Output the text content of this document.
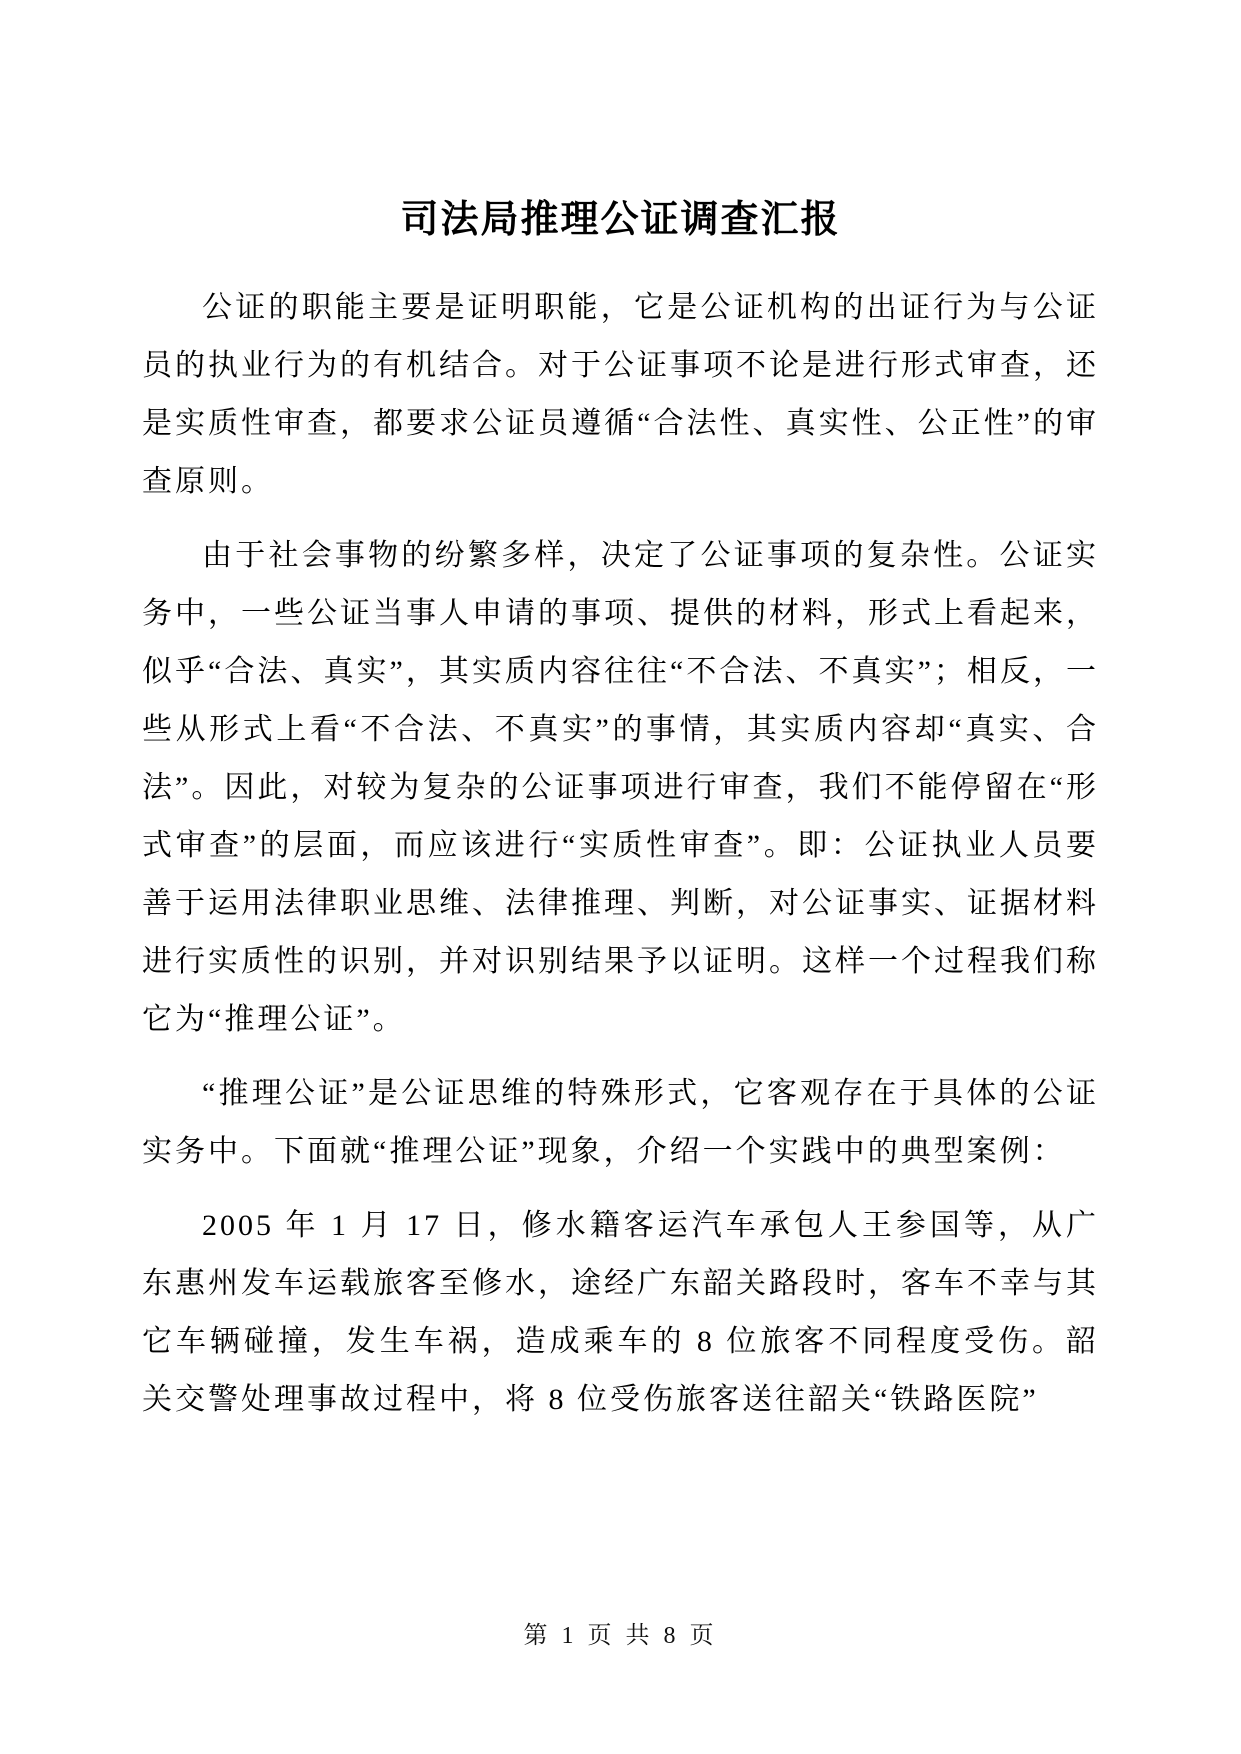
司法局推理公证调查汇报

公证的职能主要是证明职能，它是公证机构的出证行为与公证员的执业行为的有机结合。对于公证事项不论是进行形式审查，还是实质性审查，都要求公证员遵循“合法性、真实性、公正性”的审查原则。

由于社会事物的纷繁多样，决定了公证事项的复杂性。公证实务中，一些公证当事人申请的事项、提供的材料，形式上看起来，似乎“合法、真实”，其实质内容往往“不合法、不真实”；相反，一些从形式上看“不合法、不真实”的事情，其实质内容却“真实、合法”。因此，对较为复杂的公证事项进行审查，我们不能停留在“形式审查”的层面，而应该进行“实质性审查”。即：公证执业人员要善于运用法律职业思维、法律推理、判断，对公证事实、证据材料进行实质性的识别，并对识别结果予以证明。这样一个过程我们称它为“推理公证”。

“推理公证”是公证思维的特殊形式，它客观存在于具体的公证实务中。下面就“推理公证”现象，介绍一个实践中的典型案例：

2005 年 1 月 17 日，修水籍客运汽车承包人王参国等，从广东惠州发车运载旅客至修水，途经广东韶关路段时，客车不幸与其它车辆碰撞，发生车祸，造成乘车的 8 位旅客不同程度受伤。韶关交警处理事故过程中，将 8 位受伤旅客送往韶关“铁路医院”

第 1 页 共 8 页
